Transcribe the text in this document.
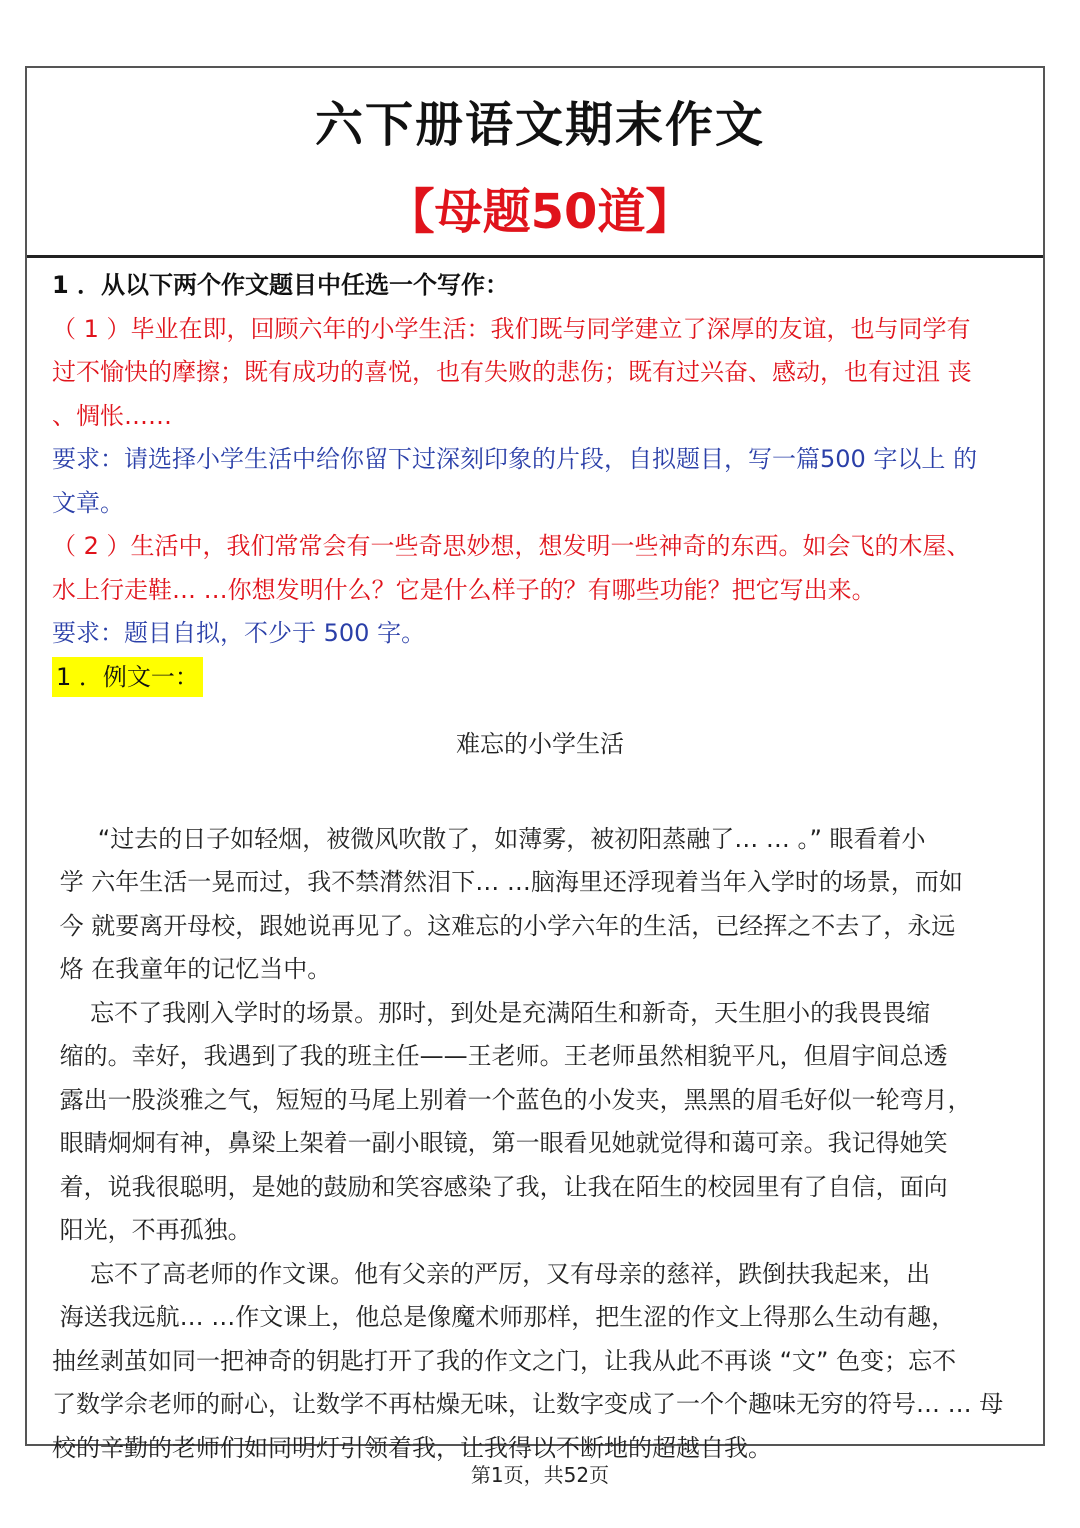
六下册语文期末作文
【母题50道】

1 ．从以下两个作文题目中任选一个写作：

（ 1 ）毕业在即，回顾六年的小学生活：我们既与同学建立了深厚的友谊，也与同学有

过不愉快的摩擦；既有成功的喜悦，也有失败的悲伤；既有过兴奋、感动，也有过沮 丧

、惆怅……

要求：请选择小学生活中给你留下过深刻印象的片段，自拟题目，写一篇500 字以上 的

文章。

（ 2 ）生活中，我们常常会有一些奇思妙想，想发明一些神奇的东西。如会飞的木屋、

水上行走鞋… …你想发明什么？它是什么样子的？有哪些功能？把它写出来。

要求：题目自拟，不少于 500 字。

1 ．例文一：

难忘的小学生活

“过去的日子如轻烟，被微风吹散了，如薄雾，被初阳蒸融了… … 。” 眼看着小

学 六年生活一晃而过，我不禁潸然泪下… …脑海里还浮现着当年入学时的场景，而如

今 就要离开母校，跟她说再见了。这难忘的小学六年的生活，已经挥之不去了，永远

烙 在我童年的记忆当中。

忘不了我刚入学时的场景。那时，到处是充满陌生和新奇，天生胆小的我畏畏缩

缩的。幸好，我遇到了我的班主任——王老师。王老师虽然相貌平凡，但眉宇间总透

露出一股淡雅之气，短短的马尾上别着一个蓝色的小发夹，黑黑的眉毛好似一轮弯月，

眼睛炯炯有神，鼻梁上架着一副小眼镜，第一眼看见她就觉得和蔼可亲。我记得她笑

着，说我很聪明，是她的鼓励和笑容感染了我，让我在陌生的校园里有了自信，面向

阳光，不再孤独。

忘不了高老师的作文课。他有父亲的严厉，又有母亲的慈祥，跌倒扶我起来，出

海送我远航… …作文课上，他总是像魔术师那样，把生涩的作文上得那么生动有趣，

抽丝剥茧如同一把神奇的钥匙打开了我的作文之门，让我从此不再谈 “文” 色变；忘不

了数学佘老师的耐心，让数学不再枯燥无味，让数字变成了一个个趣味无穷的符号… … 母

校的辛勤的老师们如同明灯引领着我，让我得以不断地的超越自我。

第1页，共52页
